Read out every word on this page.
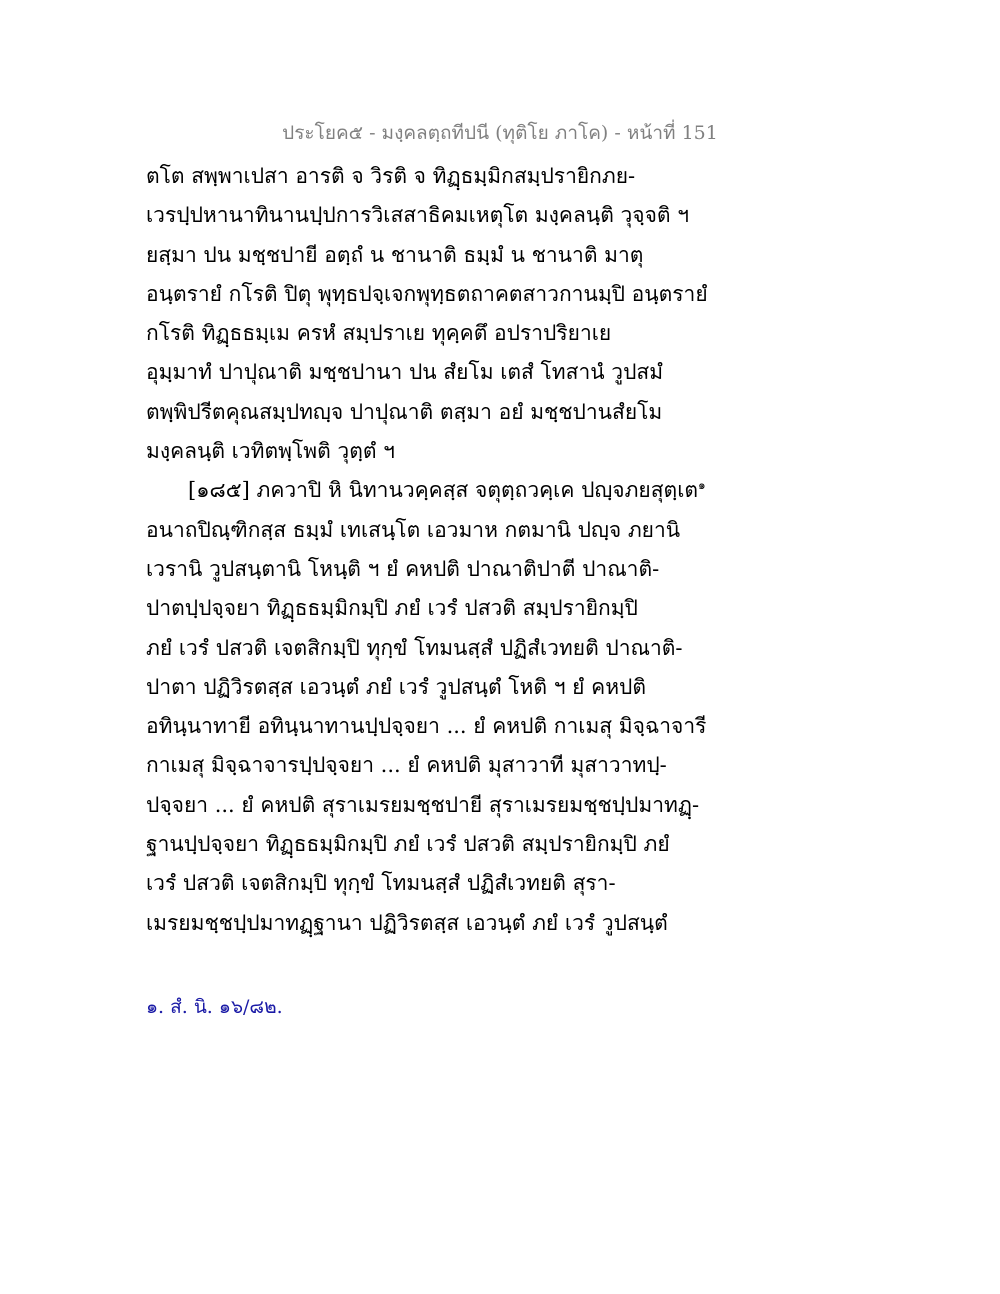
ประโยค๕ - มงฺคลตฺถทีปนี (ทุติโย ภาโค) - หน้าที่ 151
ตโต สพฺพาเปสา อารติ จ วิรติ จ ทิฏฺธมฺมิกสมฺปรายิกภย-
เวรปฺปหานาทินานปฺปการวิเสสาธิคมเหตุโต มงฺคลนฺติ วุจฺจติ ฯ
ยสฺมา ปน มชฺชปายี อตฺถํ น ชานาติ ธมฺมํ น ชานาติ มาตุ
อนฺตรายํ กโรติ ปิตุ พุทฺธปจฺเจกพุทฺธตถาคตสาวกานมฺปิ อนฺตรายํ
กโรติ ทิฏฺธธมฺเม ครหํ สมฺปราเย ทุคฺคตึ อปราปริยาเย
อุมฺมาทํ ปาปุณาติ มชฺชปานา ปน สํยโม เตสํ โทสานํ วูปสมํ
ตพฺพิปรีตคุณสมฺปทญฺจ ปาปุณาติ ตสฺมา อยํ มชฺชปานสํยโม
มงฺคลนฺติ เวทิตพฺโพติ วุตฺตํ ฯ
[๑๘๕] ภควาปิ หิ นิทานวคฺคสฺส จตุตฺถวคฺเค ปญฺจภยสุตฺเต$^๑$
อนาถปิณฺฑิกสฺส ธมฺมํ เทเสนฺโต เอวมาห กตมานิ ปญฺจ ภยานิ
เวรานิ วูปสนฺตานิ โหนฺติ ฯ ยํ คหปติ ปาณาติปาตี ปาณาติ-
ปาตปฺปจฺจยา ทิฏฺธธมฺมิกมฺปิ ภยํ เวรํ ปสวติ สมฺปรายิกมฺปิ
ภยํ เวรํ ปสวติ เจตสิกมฺปิ ทุกฺขํ โทมนสฺสํ ปฏิสํเวทยติ ปาณาติ-
ปาตา ปฏิวิรตสฺส เอวนฺตํ ภยํ เวรํ วูปสนฺตํ โหติ ฯ ยํ คหปติ
อทินฺนาทายี อทินฺนาทานปฺปจฺจยา ... ยํ คหปติ กาเมสุ มิจฺฉาจารี
กาเมสุ มิจฺฉาจารปฺปจฺจยา ... ยํ คหปติ มุสาวาที มุสาวาทปฺ-
ปจฺจยา ... ยํ คหปติ สุราเมรยมชฺชปายี สุราเมรยมชฺชปฺปมาทฏฺ-
ฐานปฺปจฺจยา ทิฏฺธธมฺมิกมฺปิ ภยํ เวรํ ปสวติ สมฺปรายิกมฺปิ ภยํ
เวรํ ปสวติ เจตสิกมฺปิ ทุกฺขํ โทมนสฺสํ ปฏิสํเวทยติ สุรา-
เมรยมชฺชปฺปมาทฏฺฐานา ปฏิวิรตสฺส เอวนฺตํ ภยํ เวรํ วูปสนฺตํ
๑. สํ. นิ. ๑๖/๘๒.
